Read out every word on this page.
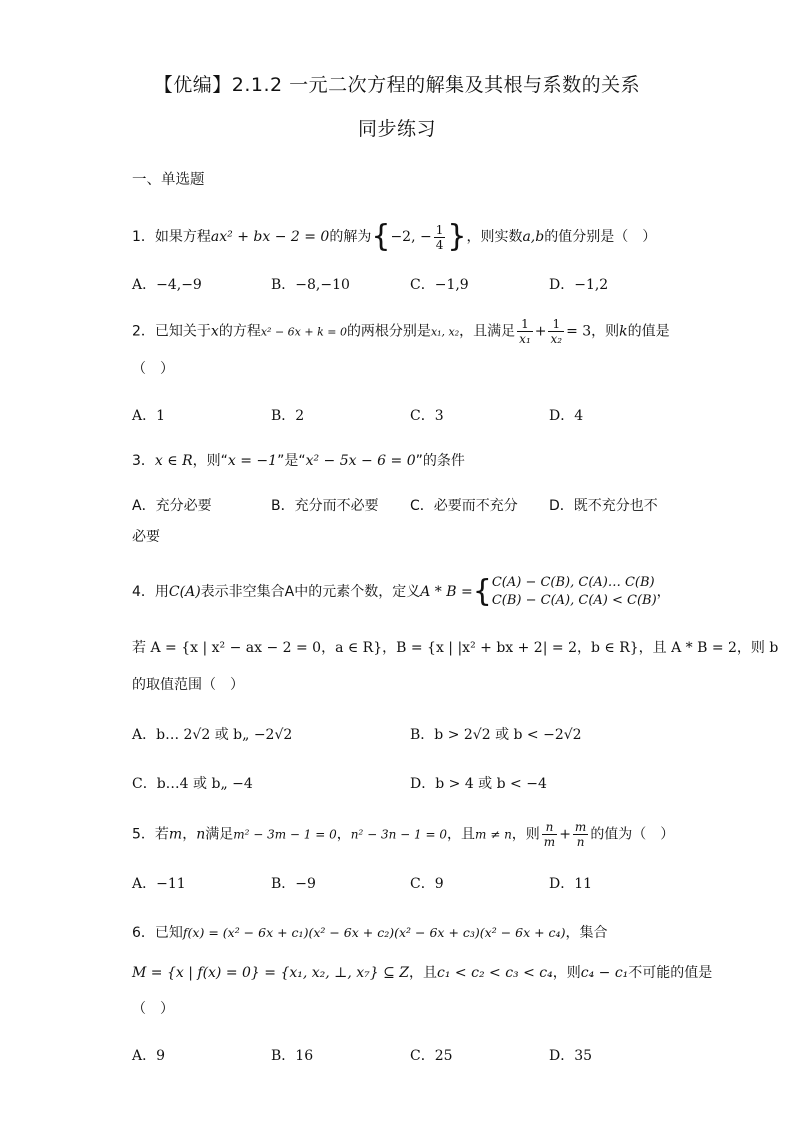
【优编】2.1.2 一元二次方程的解集及其根与系数的关系
同步练习
一、单选题
1．如果方程ax² + bx − 2 = 0的解为{−2, − $\frac{1}{4}$ }，则实数a,b的值分别是（　）
A．−4,−9	B．−8,−10	C．−1,9	D．−1,2
2．已知关于x的方程x² − 6x + k = 0的两根分别是x₁, x₂，且满足 $\frac{1}{\text{x₁}} + \frac{1}{\text{x₂}} = 3$，则k的值是
（　）
A．1	B．2	C．3	D．4
3．x ∈ R，则“x = −1”是“x² − 5x − 6 = 0”的条件
A．充分必要	B．充分而不必要 C．必要而不充分 D．既不充分也不
必要
4．用C(A)表示非空集合A中的元素个数，定义A * B ={ C(A) − C(B), C(A)… C(B)
C(B) − C(A), C(A) < C(B)
，
若 A = {x | x² − ax − 2 = 0，a ∈ R}，B = {x | |x² + bx + 2| = 2，b ∈ R}，且 A * B = 2，则 b
的取值范围（　）
A．b… 2√2 或 b„ −2√2	B．b > 2√2 或 b < −2√2
C．b…4 或 b„ −4	D．b > 4 或 b < −4
5．若m，n满足m² − 3m − 1 = 0，n² − 3n − 1 = 0，且m ≠ n，则 $\frac{n}{m} + \frac{m}{n}$ 的值为（　）
A．−11	B．−9	C．9	D．11
6．已知f(x) = (x² − 6x + c₁)(x² − 6x + c₂)(x² − 6x + c₃)(x² − 6x + c₄)，集合
M = {x | f(x) = 0} = {x₁, x₂, ⊥, x₇} ⊆ Z，且c₁ < c₂ < c₃ < c₄，则c₄ − c₁不可能的值是
（　）
A．9	B．16	C．25	D．35
